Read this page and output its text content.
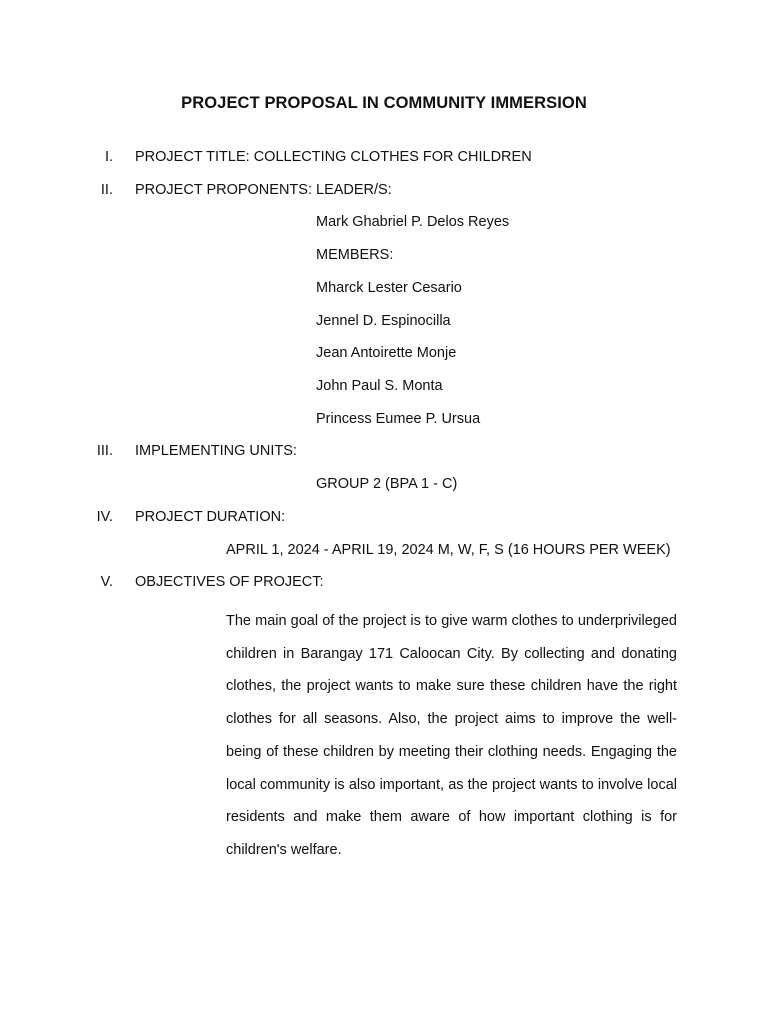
PROJECT PROPOSAL IN COMMUNITY IMMERSION
I. PROJECT TITLE: COLLECTING CLOTHES FOR CHILDREN
II. PROJECT PROPONENTS: LEADER/S:
Mark Ghabriel P. Delos Reyes
MEMBERS:
Mharck Lester Cesario
Jennel D. Espinocilla
Jean Antoirette Monje
John Paul S. Monta
Princess Eumee P. Ursua
III. IMPLEMENTING UNITS:
GROUP 2 (BPA 1 - C)
IV. PROJECT DURATION:
APRIL 1, 2024 - APRIL 19, 2024 M, W, F, S (16 HOURS PER WEEK)
V. OBJECTIVES OF PROJECT:

The main goal of the project is to give warm clothes to underprivileged children in Barangay 171 Caloocan City. By collecting and donating clothes, the project wants to make sure these children have the right clothes for all seasons. Also, the project aims to improve the well-being of these children by meeting their clothing needs. Engaging the local community is also important, as the project wants to involve local residents and make them aware of how important clothing is for children's welfare.
